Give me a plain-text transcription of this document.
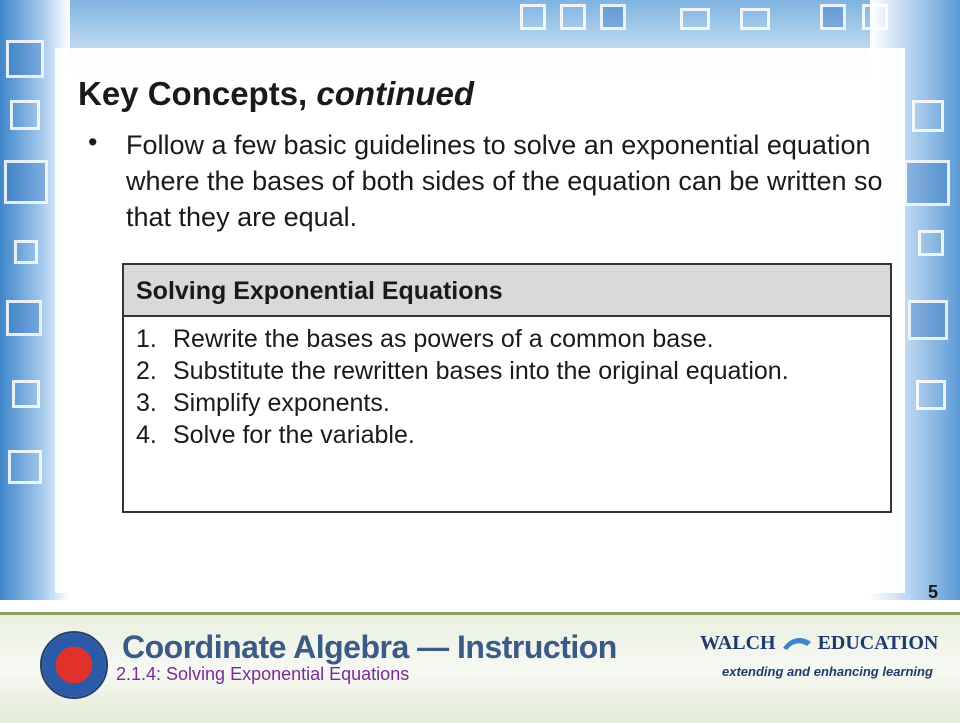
Key Concepts, continued
• Follow a few basic guidelines to solve an exponential equation where the bases of both sides of the equation can be written so that they are equal.
Solving Exponential Equations
1. Rewrite the bases as powers of a common base.
2. Substitute the rewritten bases into the original equation.
3. Simplify exponents.
4. Solve for the variable.
5
Coordinate Algebra — Instruction
2.1.4: Solving Exponential Equations
WALCH EDUCATION
extending and enhancing learning
